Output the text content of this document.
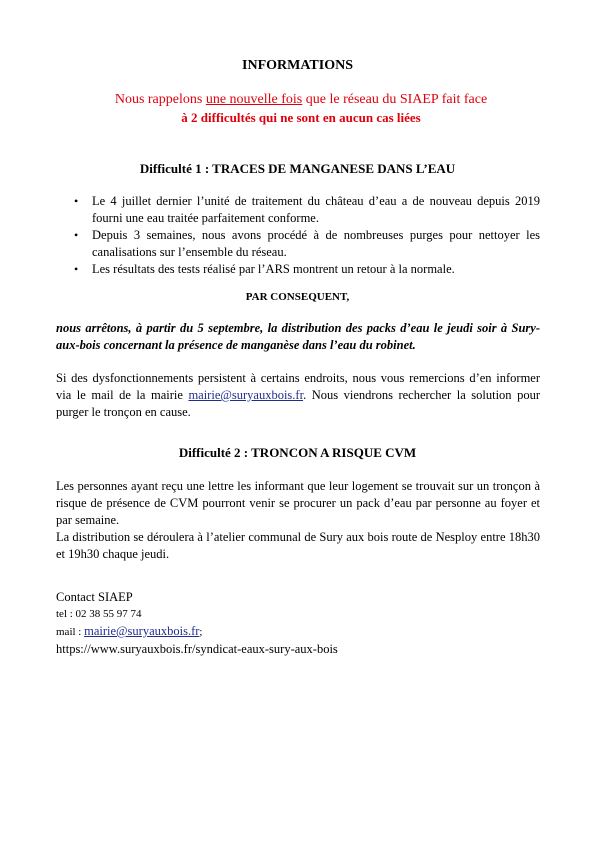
INFORMATIONS

Nous rappelons une nouvelle fois que le réseau du SIAEP fait face

à 2 difficultés qui ne sont en aucun cas liées

Difficulté 1 : TRACES DE MANGANESE DANS L’EAU

• Le 4 juillet dernier l’unité de traitement du château d’eau a de nouveau depuis 2019 fourni une eau traitée parfaitement conforme.
• Depuis 3 semaines, nous avons procédé à de nombreuses purges pour nettoyer les canalisations sur l’ensemble du réseau.
• Les résultats des tests réalisé par l’ARS montrent un retour à la normale.

PAR CONSEQUENT,

nous arrêtons, à partir du 5 septembre, la distribution des packs d’eau le jeudi soir à Sury-aux-bois concernant la présence de manganèse dans l’eau du robinet.

Si des dysfonctionnements persistent à certains endroits, nous vous remercions d’en informer via le mail de la mairie mairie@suryauxbois.fr. Nous viendrons rechercher la solution pour purger le tronçon en cause.

Difficulté 2 : TRONCON A RISQUE CVM

Les personnes ayant reçu une lettre les informant que leur logement se trouvait sur un tronçon à risque de présence de CVM pourront venir se procurer un pack d’eau par personne au foyer et par semaine.

La distribution se déroulera à l’atelier communal de Sury aux bois route de Nesploy entre 18h30 et 19h30 chaque jeudi.

Contact SIAEP
tel : 02 38 55 97 74
mail : mairie@suryauxbois.fr;
https://www.suryauxbois.fr/syndicat-eaux-sury-aux-bois
